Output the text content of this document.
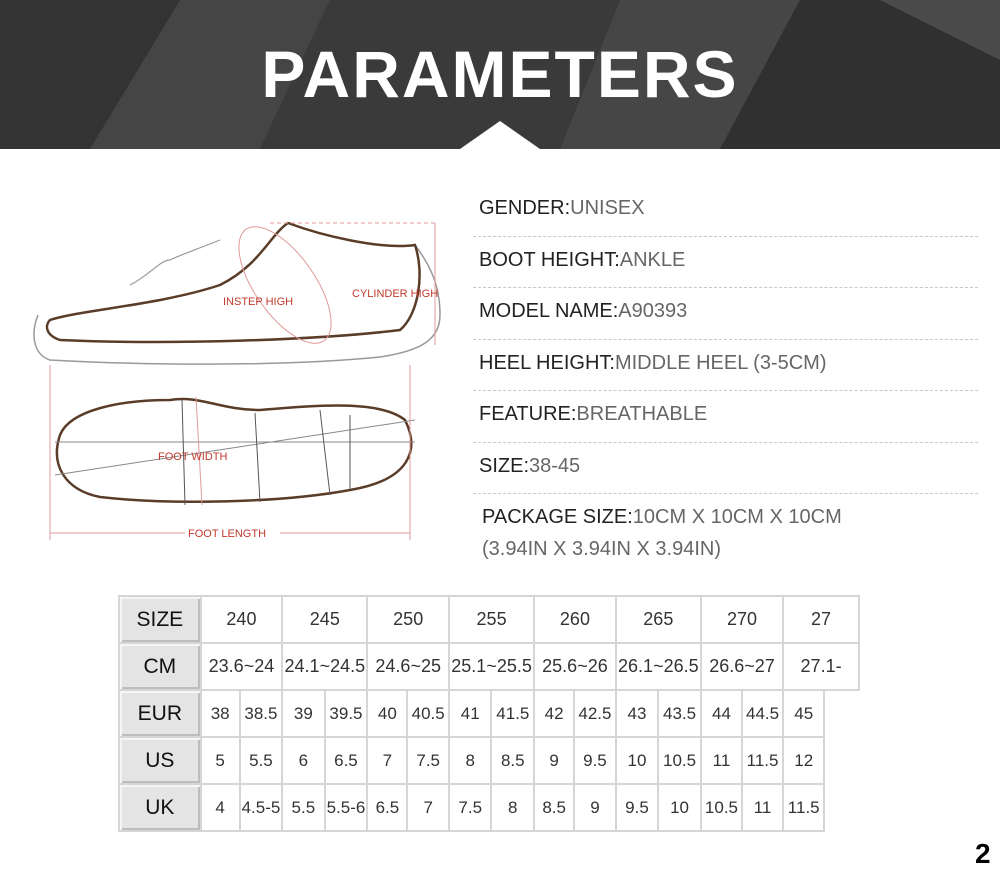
PARAMETERS
INSTEP HIGH
CYLINDER HIGH
FOOT WIDTH
FOOT LENGTH
GENDER:UNISEX
BOOT HEIGHT:ANKLE
MODEL NAME:A90393
HEEL HEIGHT:MIDDLE HEEL (3-5CM)
FEATURE:BREATHABLE
SIZE:38-45
PACKAGE SIZE:10CM X 10CM X 10CM
(3.94IN X 3.94IN X 3.94IN)
SIZE	240		245		250		255		260		265		270		27
CM	23.6~24		24.1~24.5		24.6~25		25.1~25.5		25.6~26		26.1~26.5		26.6~27		27.1-
EUR	38	38.5	39	39.5	40	40.5	41	41.5	42	42.5	43	43.5	44	44.5	45
US	5	5.5	6	6.5	7	7.5	8	8.5	9	9.5	10	10.5	11	11.5	12
UK	4	4.5-5	5.5	5.5-6	6.5	7	7.5	8	8.5	9	9.5	10	10.5	11	11.5
2
